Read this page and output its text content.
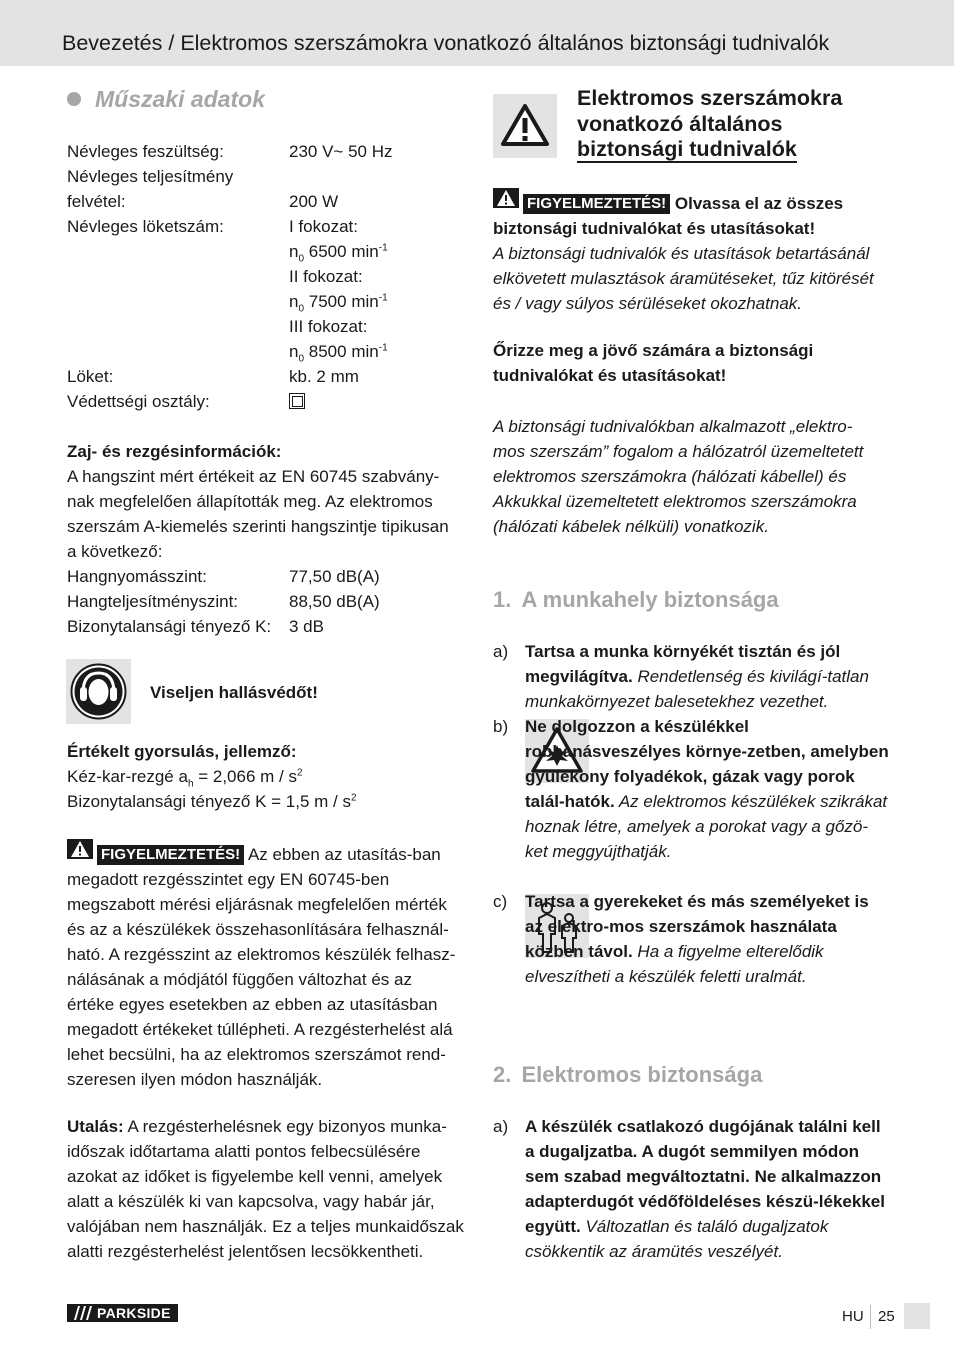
Bevezetés / Elektromos szerszámokra vonatkozó általános biztonsági tudnivalók
Műszaki adatok
Névleges feszültség:	230 V~ 50 Hz
Névleges teljesítmény
felvétel:	200 W
Névleges löketszám:	I fokozat:
$n_0$ 6500 $\min^{-1}$
II fokozat:
$n_0$ 7500 $\min^{-1}$
III fokozat:
$n_0$ 8500 $\min^{-1}$
Löket:	kb. 2 mm
Védettségi osztály:
Zaj- és rezgésinformációk:
A hangszint mért értékeit az EN 60745 szabvány-nak megfelelően állapították meg. Az elektromos szerszám A-kiemelés szerinti hangszintje tipikusan a következő:
Hangnyomásszint:	77,50 dB(A)
Hangteljesítményszint:	88,50 dB(A)
Bizonytalansági tényező K: 3 dB
Viseljen hallásvédőt!
Értékelt gyorsulás, jellemző:
Kéz-kar-rezgé $a_h = 2,066$ m / $s^2$
Bizonytalansági tényező K = 1,5 m / $s^2$
FIGYELMEZTETÉS! Az ebben az utasítás-ban megadott rezgésszintet egy EN 60745-ben megszabott mérési eljárásnak megfelelően mérték és az a készülékek összehasonlítására felhasznál-ható. A rezgésszint az elektromos készülék felhasz-nálásának a módjától függően változhat és az értéke egyes esetekben az ebben az utasításban megadott értékeket túllépheti. A rezgésterhelést alá lehet becsülni, ha az elektromos szerszámot rend-szeresen ilyen módon használják.
Utalás: A rezgésterhelésnek egy bizonyos munka-időszak időtartama alatti pontos felbecsülésére azokat az időket is figyelembe kell venni, amelyek alatt a készülék ki van kapcsolva, vagy habár jár, valójában nem használják. Ez a teljes munkaidőszak alatti rezgésterhelést jelentősen lecsökkentheti.
Elektromos szerszámokra
vonatkozó általános
biztonsági tudnivalók
FIGYELMEZTETÉS! Olvassa el az összes biztonsági tudnivalókat és utasításokat!
A biztonsági tudnivalók és utasítások betartásánál elkövetett mulasztások áramütéseket, tűz kitörését és / vagy súlyos sérüléseket okozhatnak.
Őrizze meg a jövő számára a biztonsági tudnivalókat és utasításokat!
A biztonsági tudnivalókban alkalmazott „elektro-mos szerszám” fogalom a hálózatról üzemeltetett elektromos szerszámokra (hálózati kábellel) és Akkukkal üzemeltetett elektromos szerszámokra (hálózati kábelek nélküli) vonatkozik.
1. A munkahely biztonsága
a) Tartsa a munka környékét tisztán és jól megvilágítva. Rendetlenség és kivilágí-tatlan munkakörnyezet balesetekhez vezethet.
b) Ne dolgozzon a készülékkel robbanásveszélyes környe-zetben, amelyben gyúlékony folyadékok, gázak vagy porok talál-hatók. Az elektromos készülékek szikrákat hoznak létre, amelyek a porokat vagy a gőzö-ket meggyújthatják.
c) Tartsa a gyerekeket és más személyeket is az elektro-mos szerszámok használata közben távol. Ha a figyelme elterelődik elveszítheti a készülék feletti uralmát.
2. Elektromos biztonsága
a) A készülék csatlakozó dugójának találni kell a dugaljzatba. A dugót semmilyen módon sem szabad megváltoztatni. Ne alkalmazzon adapterdugót védőföldeléses készü-lékekkel együtt. Változatlan és találó dugaljzatok csökkentik az áramütés veszélyét.
PARKSIDE	HU 25
